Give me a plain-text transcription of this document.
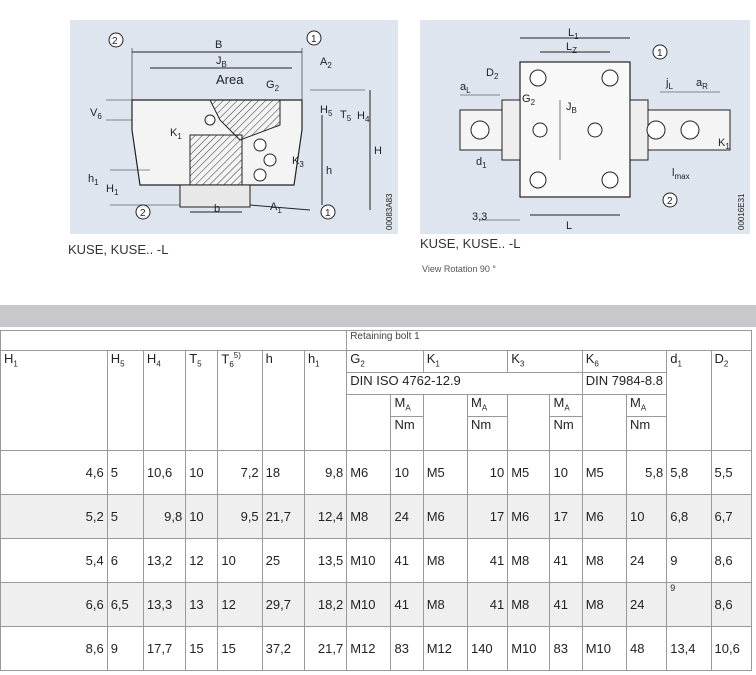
B
$J_B$
Area
$A_2$
$G_2$
$V_6$
$H_5$ $T_5$ $H_4$
H
$K_1$
$K_3$
h
$h_1$
$H_1$
b	$A_1$
2	1
2	1	00083A83
$L_1$
$L_Z$
$D_2$
$a_L$
$G_2$	$J_B$
$j_L$ $a_R$
$K_1$
$d_1$
$l_{max}$
L
3,3
1
2	00016E31
KUSE, KUSE.. -L	KUSE, KUSE.. -L
View Rotation 90 °
							Retaining bolt 1									
$H_1$	$H_5$	$H_4$	$T_5$	$T_6^{5)}$	h	$h_1$	$G_2$		$K_1$		$K_3$		$K_6$		$d_1$	$D_2$
							DIN ISO 4762-12.9						DIN 7984-8.8			
								$M_A$		$M_A$		$M_A$		$M_A$
								Nm		Nm		Nm		Nm		
4,6	5	10,6	10	7,2	18	9,8	M6	10	M5	10	M5	10	M5	5,8	5,8	5,5
5,2	5	9,8	10	9,5	21,7	12,4	M8	24	M6	17	M6	17	M6	10	6,8	6,7
5,4	6	13,2	12	10	25	13,5	M10	41	M8	41	M8	41	M8	24	9	8,6
6,6	6,5	13,3	13	12	29,7	18,2	M10	41	M8	41	M8	41	M8	24	9	8,6
8,6	9	17,7	15	15	37,2	21,7	M12	83	M12	140	M10	83	M10	48	13,4	10,6
